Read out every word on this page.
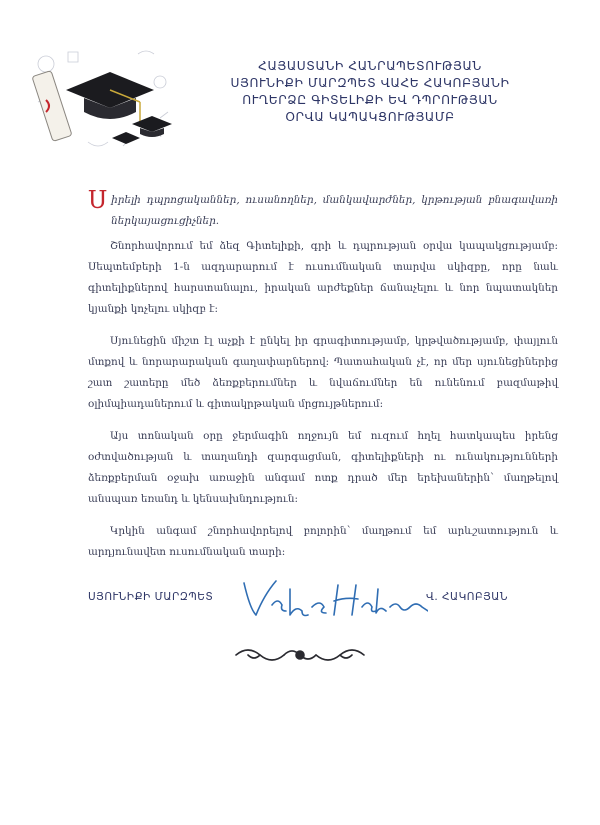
ՀԱՅԱՍՏԱՆԻ ՀԱՆՐԱՊԵՏՈՒԹՅԱՆ
ՍՅՈՒՆԻՔԻ ՄԱՐԶՊԵՏ ՎԱՀԵ ՀԱԿՈԲՅԱՆԻ
ՈՒՂԵՐՁԸ ԳԻՏԵԼԻՔԻ ԵՎ ԴՊՐՈՒԹՅԱՆ
ՕՐՎԱ ԿԱՊԱԿՑՈՒԹՅԱՄԲ

Սիրելի դպրոցականներ, ուսանողներ, մանկավարժներ, կրթության բնագավառի ներկայացուցիչներ.

Շնորհավորում եմ ձեզ Գիտելիքի, գրի և դպրության օրվա կապակցությամբ: Սեպտեմբերի 1-ն ազդարարում է ուսումնական տարվա սկիզբը, որը նաև գիտելիքներով հարստանալու, իրական արժեքներ ճանաչելու և նոր նպատակներ կյանքի կոչելու սկիզբ է:

Սյունեցին միշտ էլ աչքի է ընկել իր գրագիտությամբ, կրթվածությամբ, փայլուն մտքով և նորարարական գաղափարներով: Պատահական չէ, որ մեր սյունեցիներից շատ շատերը մեծ ձեռքբերումներ և նվաճումներ են ունենում բազմաթիվ օլիմպիադաներում և գիտակրթական մրցույթներում:

Այս տոնական օրը ջերմագին ողջույն եմ ուզում հղել հատկապես իրենց օժտվածության և տաղանդի զարգացման, գիտելիքների ու ունակությունների ձեռքբերման օջախ առաջին անգամ ոտք դրած մեր երեխաներին՝ մաղթելով անսպառ եռանդ և կենսախնդություն:

Կրկին անգամ շնորհավորելով բոլորին՝ մաղթում եմ արևշատություն և արդյունավետ ուսումնական տարի:

ՍՅՈՒՆԻՔԻ ՄԱՐԶՊԵՏ	Վ. ՀԱԿՈԲՅԱՆ
